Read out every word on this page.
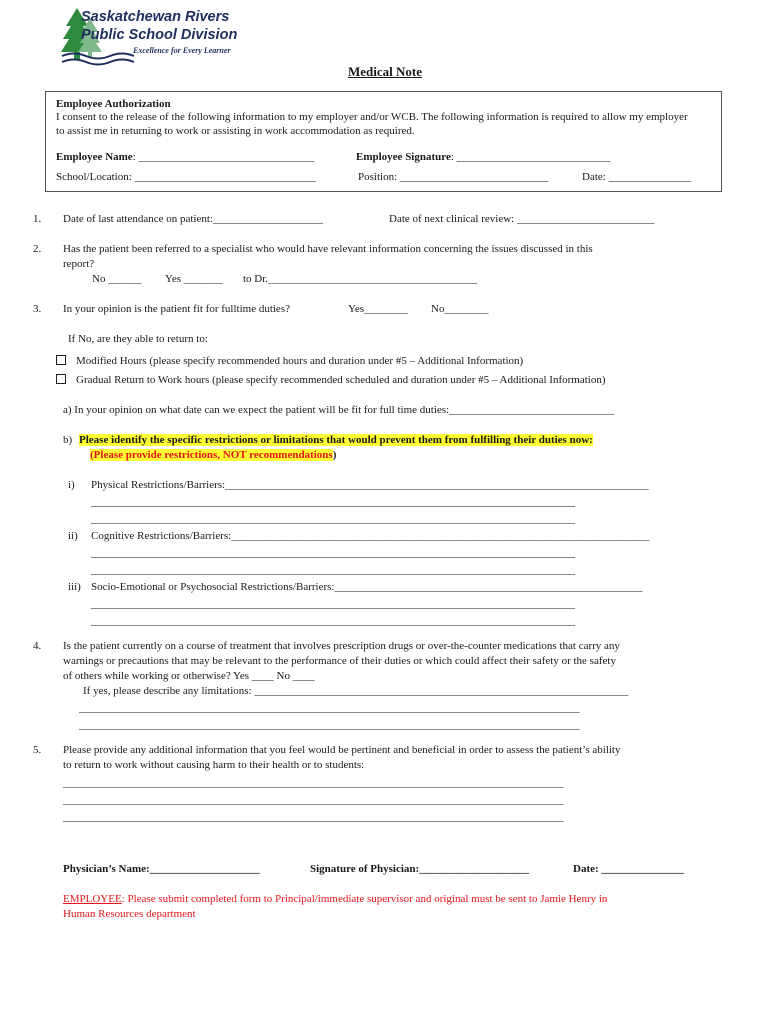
Saskatchewan Rivers
Public School Division
Excellence for Every Learner
Medical Note
Employee Authorization
I consent to the release of the following information to my employer and/or WCB. The following information is required to allow my employer
to assist me in returning to work or assisting in work accommodation as required.
Employee Name: ________________________________	Employee Signature: ____________________________
School/Location: _________________________________	Position: ___________________________	Date: _______________
1. Date of last attendance on patient:____________________	Date of next clinical review: _________________________
2. Has the patient been referred to a specialist who would have relevant information concerning the issues discussed in this
report?
No ______ Yes _______ to Dr.______________________________________
3. In your opinion is the patient fit for fulltime duties?	Yes________ No________
If No, are they able to return to:
Modified Hours (please specify recommended hours and duration under #5 – Additional Information)
Gradual Return to Work hours (please specify recommended scheduled and duration under #5 – Additional Information)
a) In your opinion on what date can we expect the patient will be fit for full time duties:______________________________
b) Please identify the specific restrictions or limitations that would prevent them from fulfilling their duties now:
(Please provide restrictions, NOT recommendations)
i) Physical Restrictions/Barriers:_____________________________________________________________________________
________________________________________________________________________________________
________________________________________________________________________________________
ii) Cognitive Restrictions/Barriers:____________________________________________________________________________
________________________________________________________________________________________
________________________________________________________________________________________
iii) Socio-Emotional or Psychosocial Restrictions/Barriers:________________________________________________________
________________________________________________________________________________________
________________________________________________________________________________________
4. Is the patient currently on a course of treatment that involves prescription drugs or over-the-counter medications that carry any
warnings or precautions that may be relevant to the performance of their duties or which could affect their safety or the safety
of others while working or otherwise? Yes ____ No ____
If yes, please describe any limitations: ____________________________________________________________________
___________________________________________________________________________________________
___________________________________________________________________________________________
5. Please provide any additional information that you feel would be pertinent and beneficial in order to assess the patient’s ability
to return to work without causing harm to their health or to students:
___________________________________________________________________________________________
___________________________________________________________________________________________
___________________________________________________________________________________________
Physician’s Name:____________________	Signature of Physician:____________________	Date: _______________
EMPLOYEE: Please submit completed form to Principal/immediate supervisor and original must be sent to Jamie Henry in
Human Resources department
